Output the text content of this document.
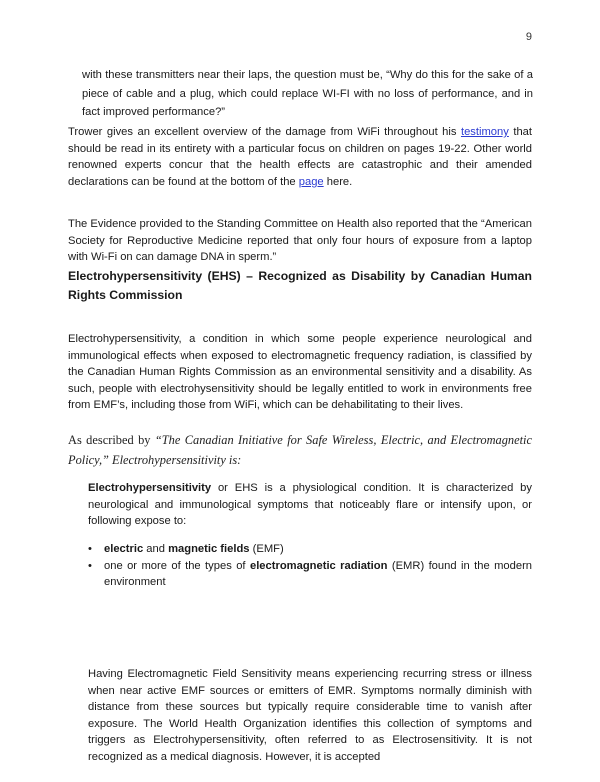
9

with these transmitters near their laps, the question must be, “Why do this for the sake of a piece of cable and a plug, which could replace WI-FI with no loss of performance, and in fact improved performance?”

Trower gives an excellent overview of the damage from WiFi throughout his testimony that should be read in its entirety with a particular focus on children on pages 19-22. Other world renowned experts concur that the health effects are catastrophic and their amended declarations can be found at the bottom of the page here.

The Evidence provided to the Standing Committee on Health also reported that the “American Society for Reproductive Medicine reported that only four hours of exposure from a laptop with Wi-Fi on can damage DNA in sperm.”

Electrohypersensitivity (EHS) – Recognized as Disability by Canadian Human Rights Commission

Electrohypersensitivity, a condition in which some people experience neurological and immunological effects when exposed to electromagnetic frequency radiation, is classified by the Canadian Human Rights Commission as an environmental sensitivity and a disability. As such, people with electrohysensitivity should be legally entitled to work in environments free from EMF’s, including those from WiFi, which can be dehabilitating to their lives.

As described by “The Canadian Initiative for Safe Wireless, Electric, and Electromagnetic Policy,” Electrohypersensitivity is:

Electrohypersensitivity or EHS is a physiological condition. It is characterized by neurological and immunological symptoms that noticeably flare or intensify upon, or following expose to:

• electric and magnetic fields (EMF)
• one or more of the types of electromagnetic radiation (EMR) found in the modern environment

Having Electromagnetic Field Sensitivity means experiencing recurring stress or illness when near active EMF sources or emitters of EMR. Symptoms normally diminish with distance from these sources but typically require considerable time to vanish after exposure. The World Health Organization identifies this collection of symptoms and triggers as Electrohypersensitivity, often referred to as Electrosensitivity. It is not recognized as a medical diagnosis. However, it is accepted
